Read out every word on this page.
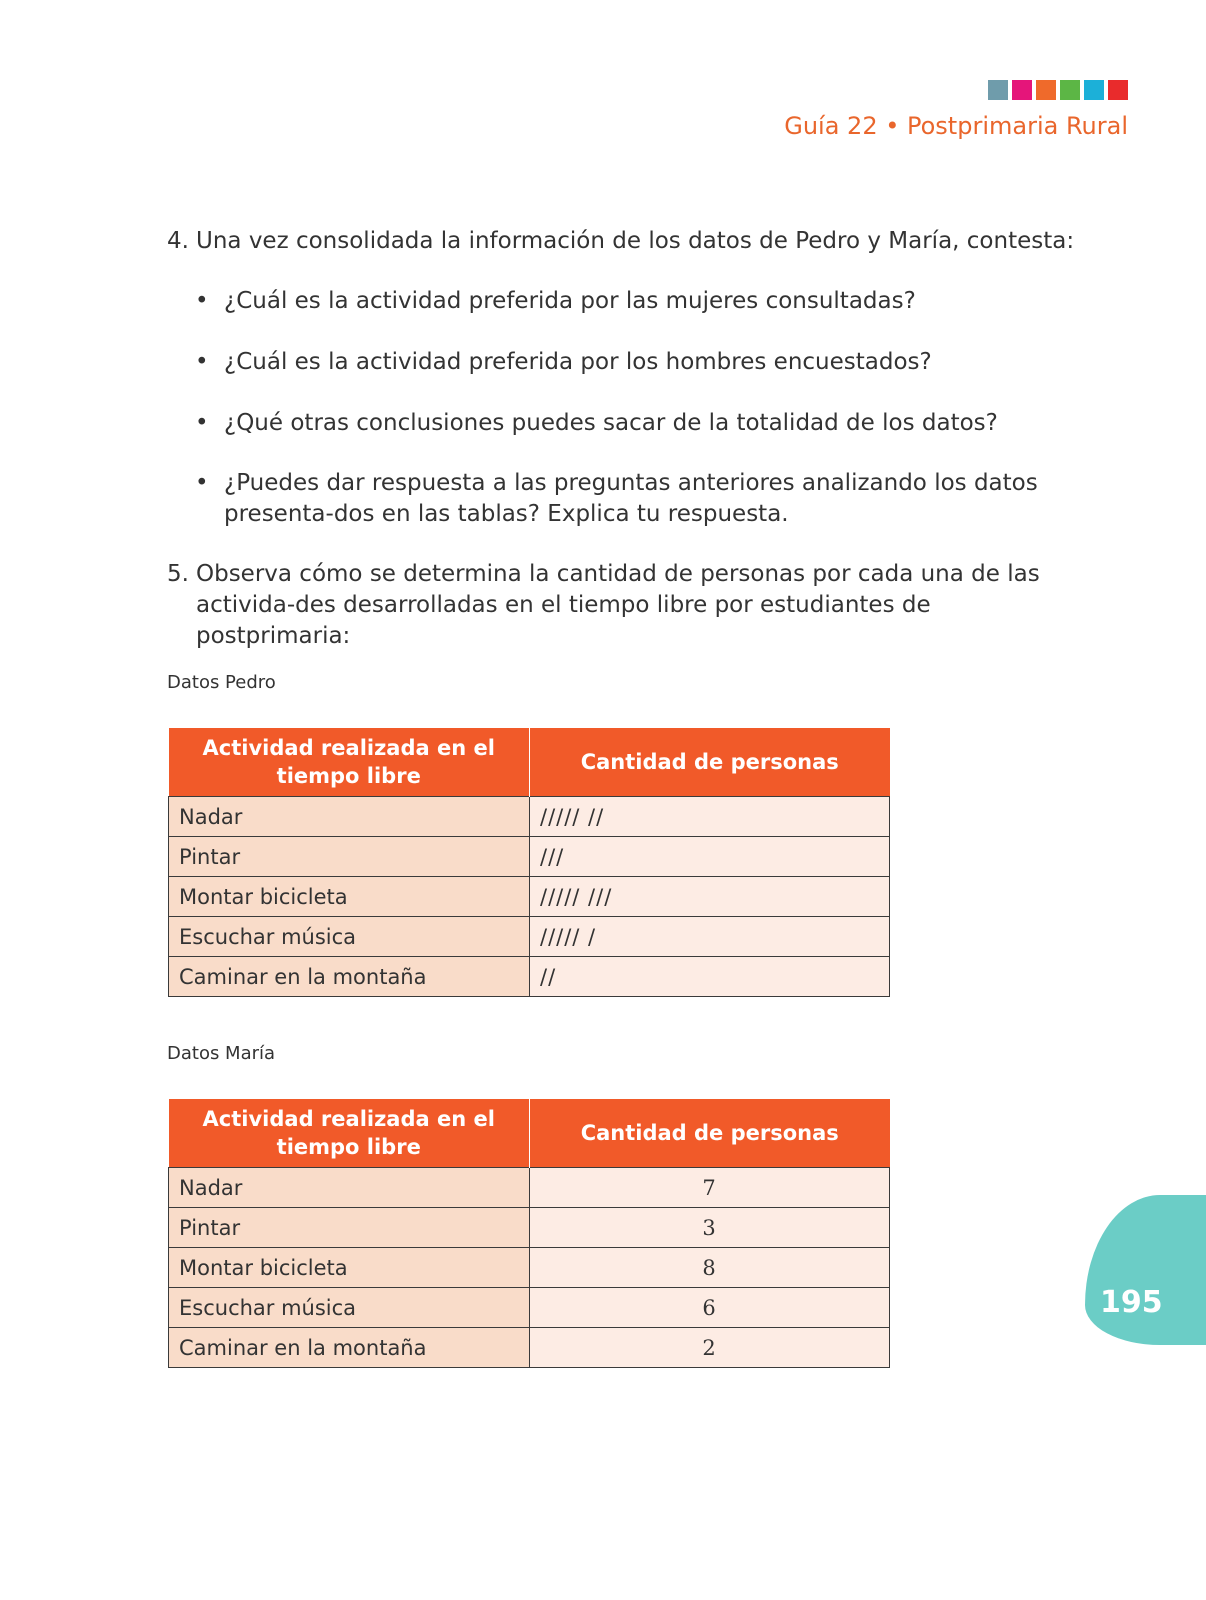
Guía 22 • Postprimaria Rural
4. Una vez consolidada la información de los datos de Pedro y María, contesta:
• ¿Cuál es la actividad preferida por las mujeres consultadas?
• ¿Cuál es la actividad preferida por los hombres encuestados?
• ¿Qué otras conclusiones puedes sacar de la totalidad de los datos?
• ¿Puedes dar respuesta a las preguntas anteriores analizando los datos presenta-dos en las tablas? Explica tu respuesta.
5. Observa cómo se determina la cantidad de personas por cada una de las activida-des desarrolladas en el tiempo libre por estudiantes de postprimaria:
Datos Pedro
Actividad realizada en el tiempo libre	Cantidad de personas
Nadar	///// //
Pintar	///
Montar bicicleta	///// ///
Escuchar música	///// /
Caminar en la montaña	//
Datos María
Actividad realizada en el tiempo libre	Cantidad de personas
Nadar	7
Pintar	3
Montar bicicleta	8
Escuchar música	6
Caminar en la montaña	2
195
